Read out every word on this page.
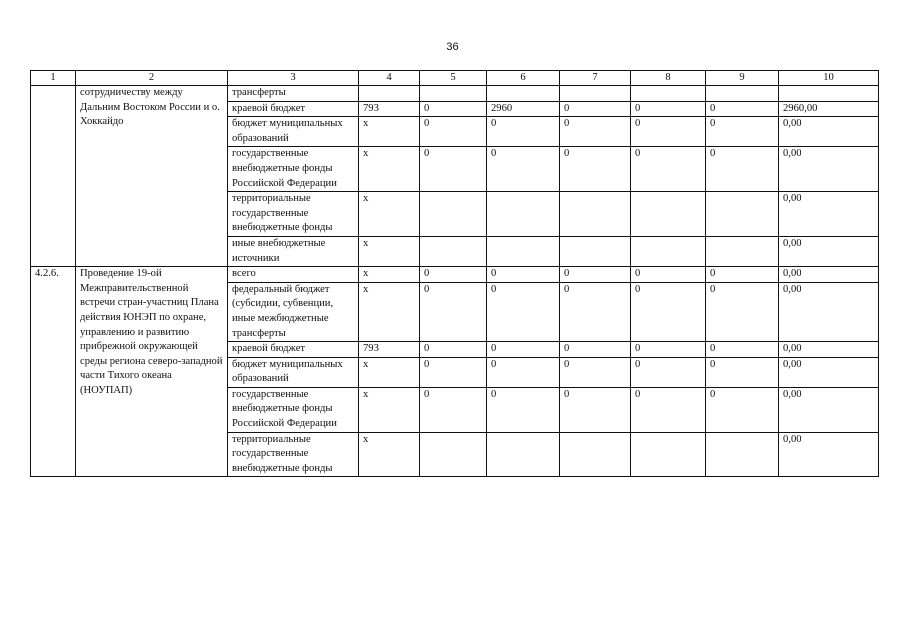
36
1	2	3	4	5	6	7	8	9	10
	сотрудничеству между Дальним Востоком России и о. Хоккайдо	трансферты							
		краевой бюджет	793	0	2960	0	0	0	2960,00
		бюджет муниципальных образований	x	0	0	0	0	0	0,00
		государственные внебюджетные фонды Российской Федерации	x	0	0	0	0	0	0,00
		территориальные государственные внебюджетные фонды	x						0,00
		иные внебюджетные источники	x						0,00
4.2.6.	Проведение 19-ой Межправительственной встречи стран-участниц Плана действия ЮНЭП по охране, управлению и развитию прибрежной окружающей среды региона северо-западной части Тихого океана (НОУПАП)	всего	x	0	0	0	0	0	0,00
		федеральный бюджет (субсидии, субвенции, иные межбюджетные трансферты	x	0	0	0	0	0	0,00
		краевой бюджет	793	0	0	0	0	0	0,00
		бюджет муниципальных образований	x	0	0	0	0	0	0,00
		государственные внебюджетные фонды Российской Федерации	x	0	0	0	0	0	0,00
		территориальные государственные внебюджетные фонды	x						0,00
